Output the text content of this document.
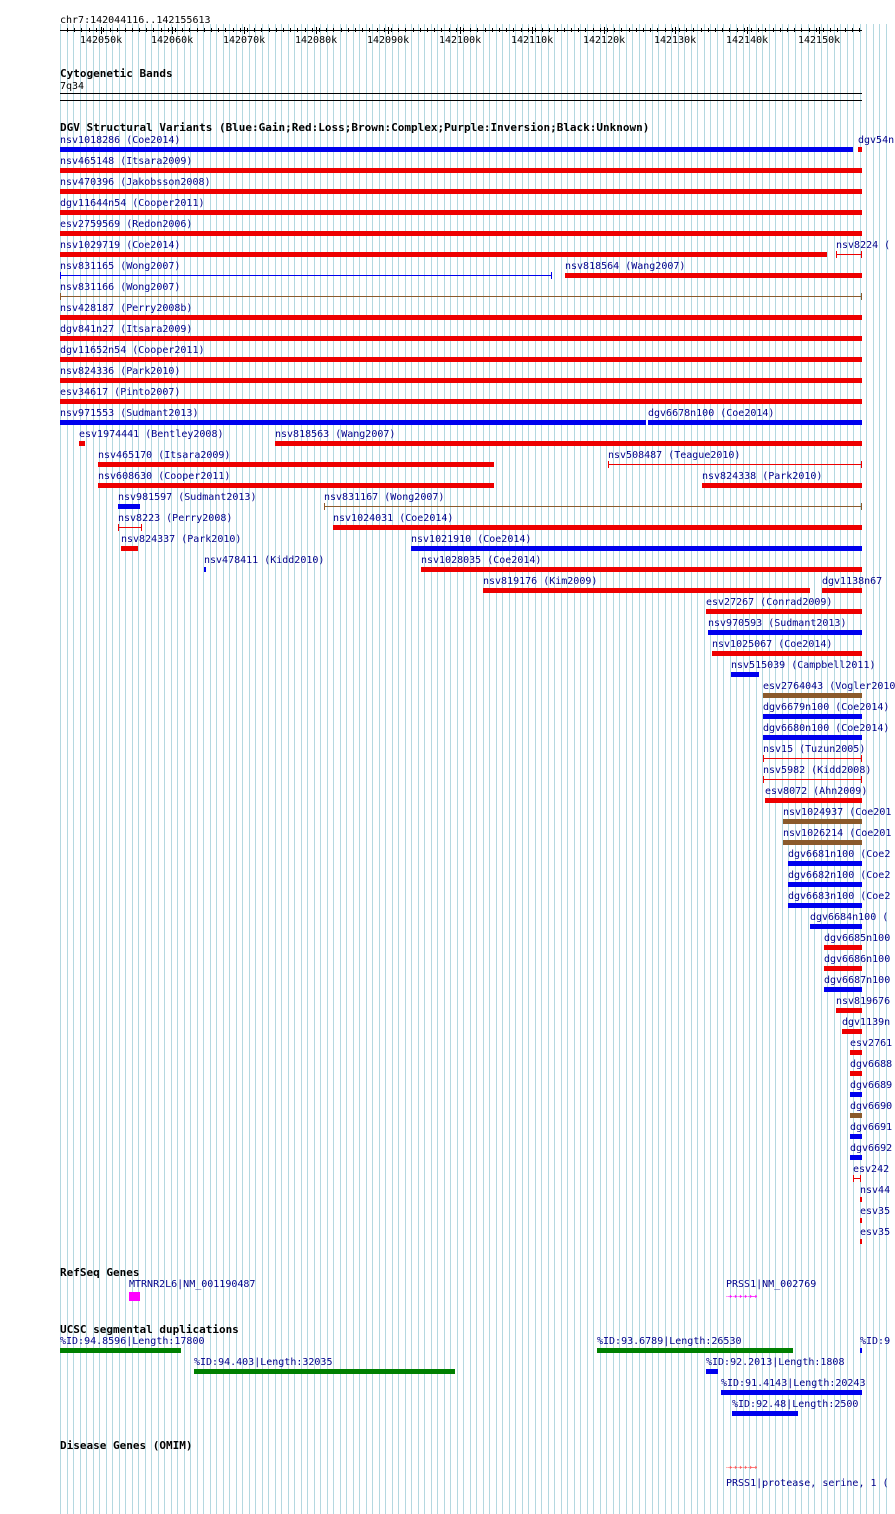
chr7:142044116..142155613
142050k	142060k	142070k	142080k	142090k	142100k	142110k	142120k	142130k	142140k	142150k
Cytogenetic Bands
7q34
DGV Structural Variants (Blue:Gain;Red:Loss;Brown:Complex;Purple:Inversion;Black:Unknown)
nsv1018286 (Coe2014)	dgv54n
nsv465148 (Itsara2009)
nsv470396 (Jakobsson2008)
dgv11644n54 (Cooper2011)
esv2759569 (Redon2006)
nsv1029719 (Coe2014)	nsv8224 (
nsv831165 (Wong2007)	nsv818564 (Wang2007)
nsv831166 (Wong2007)
nsv428187 (Perry2008b)
dgv841n27 (Itsara2009)
dgv11652n54 (Cooper2011)
nsv824336 (Park2010)
esv34617 (Pinto2007)
nsv971553 (Sudmant2013)	dgv6678n100 (Coe2014)
esv1974441 (Bentley2008)	nsv818563 (Wang2007)
nsv465170 (Itsara2009)	nsv508487 (Teague2010)
nsv608630 (Cooper2011)	nsv824338 (Park2010)
nsv981597 (Sudmant2013)	nsv831167 (Wong2007)
nsv8223 (Perry2008)	nsv1024031 (Coe2014)
nsv824337 (Park2010)	nsv1021910 (Coe2014)
nsv478411 (Kidd2010)	nsv1028035 (Coe2014)
nsv819176 (Kim2009)	dgv1138n67
esv27267 (Conrad2009)
nsv970593 (Sudmant2013)
nsv1025067 (Coe2014)
nsv515039 (Campbell2011)
esv2764043 (Vogler2010
dgv6679n100 (Coe2014)
dgv6680n100 (Coe2014)
nsv15 (Tuzun2005)
nsv5982 (Kidd2008)
esv8072 (Ahn2009)
nsv1024937 (Coe201
nsv1026214 (Coe201
dgv6681n100 (Coe2
dgv6682n100 (Coe2
dgv6683n100 (Coe2
dgv6684n100 (
dgv6685n100
dgv6686n100
dgv6687n100
nsv819676
dgv1139n
esv2761
dgv6688
dgv6689
dgv6690
dgv6691
dgv6692
esv242
nsv44
esv35
esv35
RefSeq Genes
MTRNR2L6|NM_001190487	PRSS1|NM_002769
⇢⇢⇢⇢⇢→
UCSC segmental duplications
%ID:94.8596|Length:17800	%ID:93.6789|Length:26530	%ID:9
%ID:94.403|Length:32035	%ID:92.2013|Length:1808
%ID:91.4143|Length:20243
%ID:92.48|Length:2500
Disease Genes (OMIM)
⇢⇢⇢⇢⇢→
PRSS1|protease, serine, 1 (
